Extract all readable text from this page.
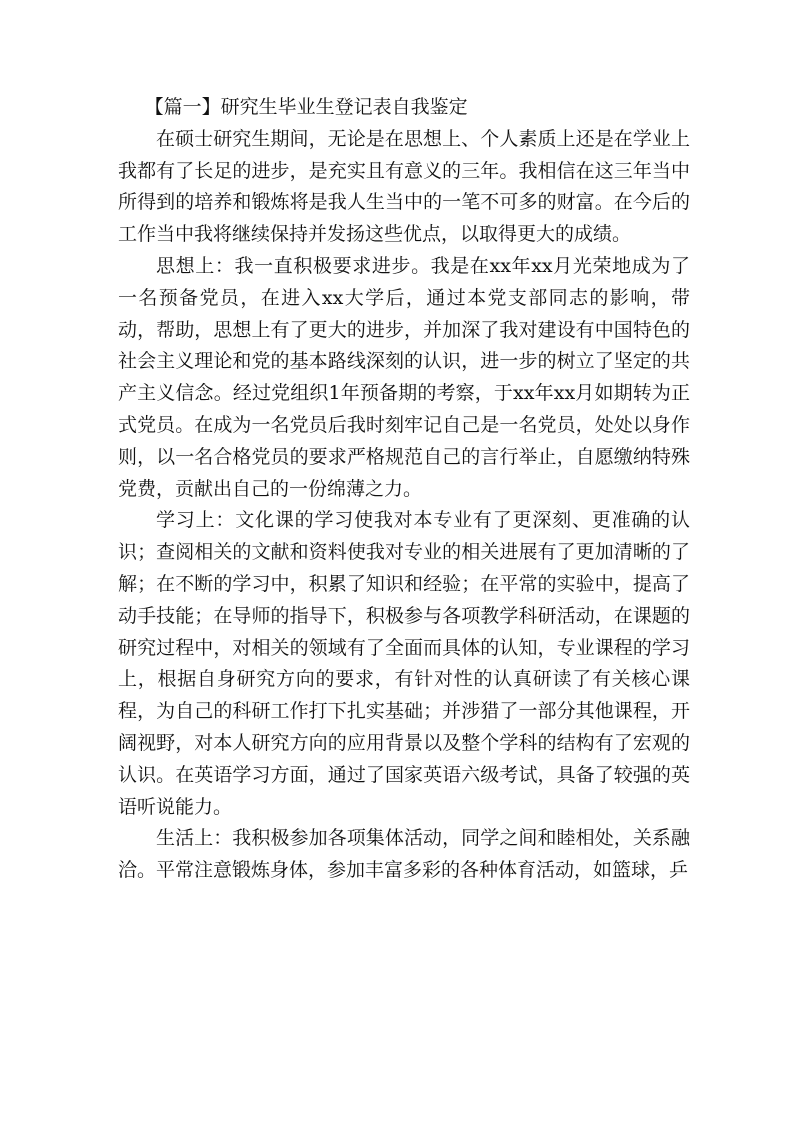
【篇一】研究生毕业生登记表自我鉴定

在硕士研究生期间，无论是在思想上、个人素质上还是在学业上我都有了长足的进步，是充实且有意义的三年。我相信在这三年当中所得到的培养和锻炼将是我人生当中的一笔不可多的财富。在今后的工作当中我将继续保持并发扬这些优点，以取得更大的成绩。

思想上：我一直积极要求进步。我是在xx年xx月光荣地成为了一名预备党员，在进入xx大学后，通过本党支部同志的影响，带动，帮助，思想上有了更大的进步，并加深了我对建设有中国特色的社会主义理论和党的基本路线深刻的认识，进一步的树立了坚定的共产主义信念。经过党组织1年预备期的考察，于xx年xx月如期转为正式党员。在成为一名党员后我时刻牢记自己是一名党员，处处以身作则，以一名合格党员的要求严格规范自己的言行举止，自愿缴纳特殊党费，贡献出自己的一份绵薄之力。

学习上：文化课的学习使我对本专业有了更深刻、更准确的认识；查阅相关的文献和资料使我对专业的相关进展有了更加清晰的了解；在不断的学习中，积累了知识和经验；在平常的实验中，提高了动手技能；在导师的指导下，积极参与各项教学科研活动，在课题的研究过程中，对相关的领域有了全面而具体的认知，专业课程的学习上，根据自身研究方向的要求，有针对性的认真研读了有关核心课程，为自己的科研工作打下扎实基础；并涉猎了一部分其他课程，开阔视野，对本人研究方向的应用背景以及整个学科的结构有了宏观的认识。在英语学习方面，通过了国家英语六级考试，具备了较强的英语听说能力。

生活上：我积极参加各项集体活动，同学之间和睦相处，关系融洽。平常注意锻炼身体，参加丰富多彩的各种体育活动，如篮球，乒
